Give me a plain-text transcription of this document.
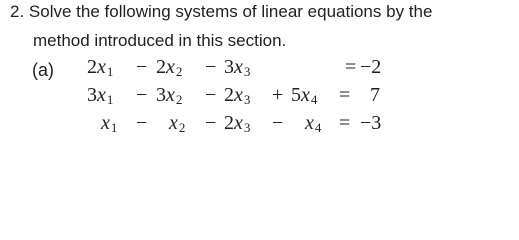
2. Solve the following systems of linear equations by the
method introduced in this section.
(a) $2x_1 - 2x_2 - 3x_3$	= −2
$3x_1 - 3x_2 - 2x_3 + 5x_4 = 7$
$x_1 - x_2 - 2x_3 - x_4 = -3$
